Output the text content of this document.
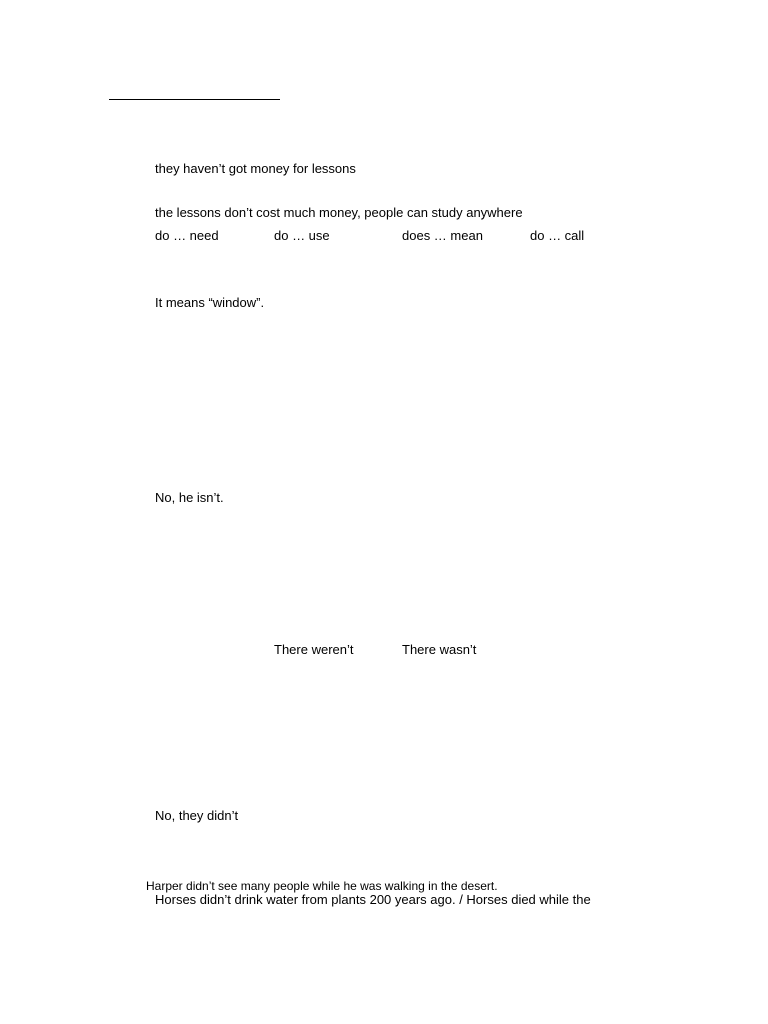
they haven’t got money for lessons
the lessons don’t cost much money, people can study anywhere
do … need	do … use	does … mean	do … call
It means “window”.
No, he isn’t.
There weren’t	There wasn’t
No, they didn’t
Harper didn’t see many people while he was walking in the desert.
Horses didn’t drink water from plants 200 years ago. / Horses died while the
